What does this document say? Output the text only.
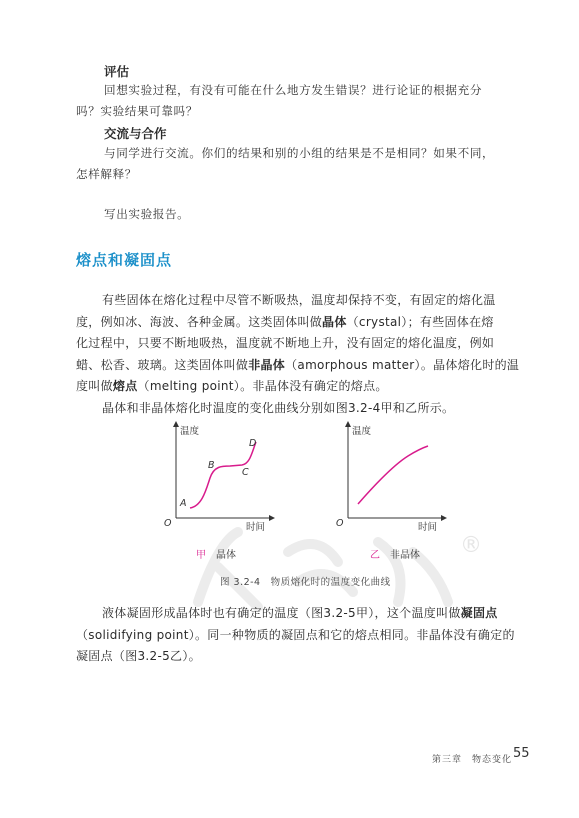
评估
回想实验过程，有没有可能在什么地方发生错误？进行论证的根据充分
吗？实验结果可靠吗？
交流与合作
与同学进行交流。你们的结果和别的小组的结果是不是相同？如果不同，
怎样解释？
写出实验报告。
熔点和凝固点
有些固体在熔化过程中尽管不断吸热，温度却保持不变，有固定的熔化温
度，例如冰、海波、各种金属。这类固体叫做晶体（crystal）；有些固体在熔
化过程中，只要不断地吸热，温度就不断地上升，没有固定的熔化温度，例如
蜡、松香、玻璃。这类固体叫做非晶体（amorphous matter）。晶体熔化时的温
度叫做熔点（melting point）。非晶体没有确定的熔点。
晶体和非晶体熔化时温度的变化曲线分别如图3.2-4甲和乙所示。
®
温度
时间
O
A
B
C
D
温度
时间
O
甲　 晶体	乙　 非晶体
图 3.2-4　物质熔化时的温度变化曲线
液体凝固形成晶体时也有确定的温度（图3.2-5甲），这个温度叫做凝固点
（solidifying point）。同一种物质的凝固点和它的熔点相同。非晶体没有确定的
凝固点（图3.2-5乙）。
第三章　物态变化 55
